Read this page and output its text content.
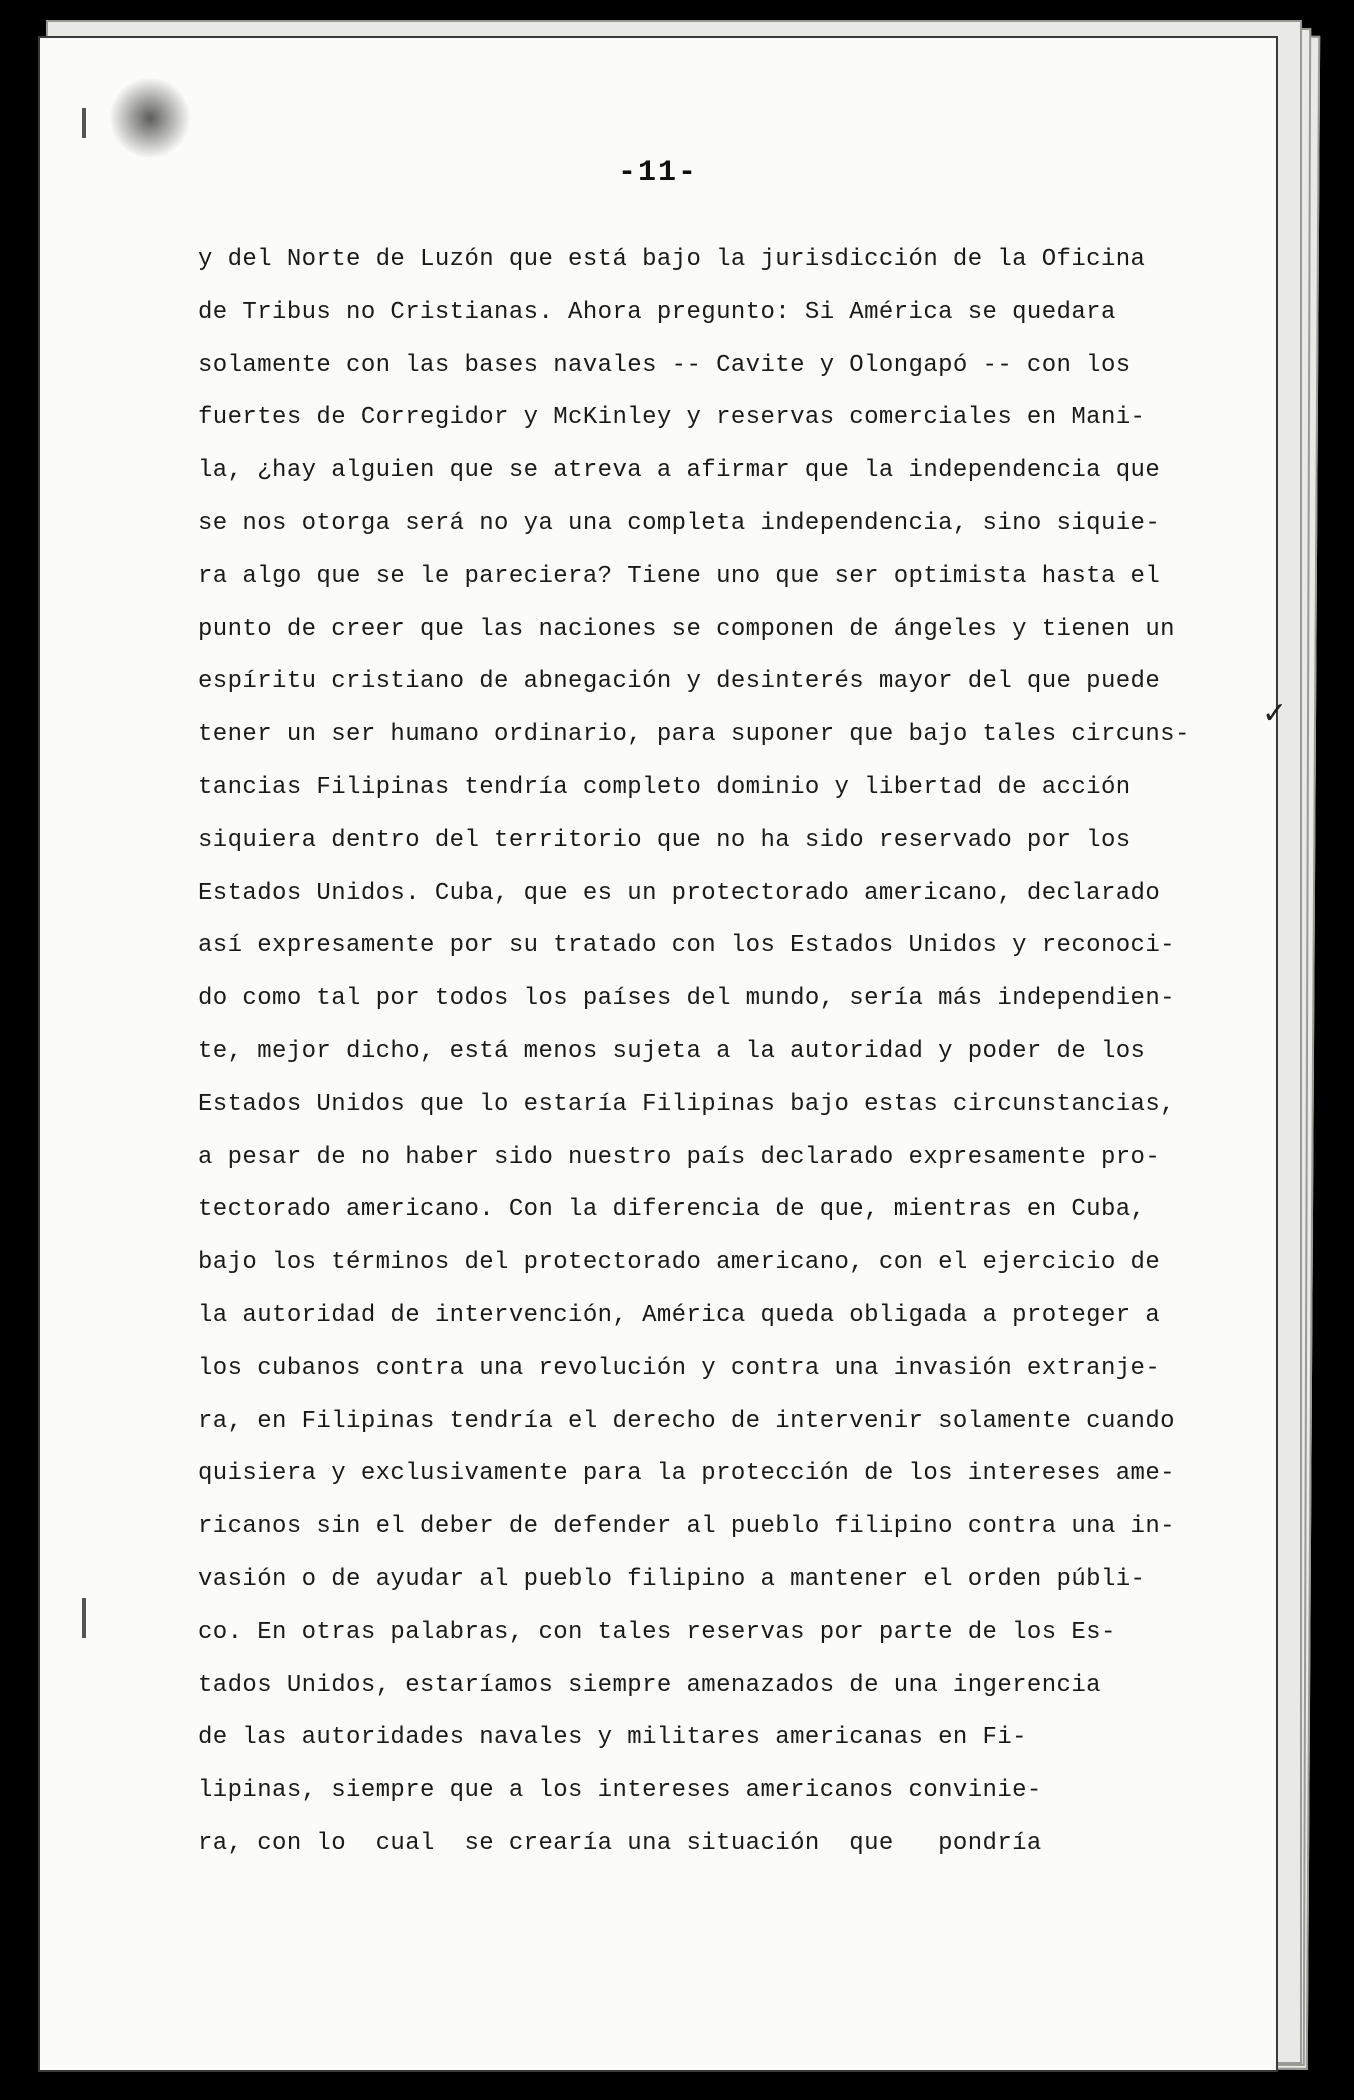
-11-
y del Norte de Luzón que está bajo la jurisdicción de la Oficina
de Tribus no Cristianas. Ahora pregunto: Si América se quedara
solamente con las bases navales -- Cavite y Olongapó -- con los
fuertes de Corregidor y McKinley y reservas comerciales en Mani-
la, ¿hay alguien que se atreva a afirmar que la independencia que
se nos otorga será no ya una completa independencia, sino siquie-
ra algo que se le pareciera? Tiene uno que ser optimista hasta el
punto de creer que las naciones se componen de ángeles y tienen un
espíritu cristiano de abnegación y desinterés mayor del que puede
tener un ser humano ordinario, para suponer que bajo tales circuns-
tancias Filipinas tendría completo dominio y libertad de acción
siquiera dentro del territorio que no ha sido reservado por los
Estados Unidos. Cuba, que es un protectorado americano, declarado
así expresamente por su tratado con los Estados Unidos y reconoci-
do como tal por todos los países del mundo, sería más independien-
te, mejor dicho, está menos sujeta a la autoridad y poder de los
Estados Unidos que lo estaría Filipinas bajo estas circunstancias,
a pesar de no haber sido nuestro país declarado expresamente pro-
tectorado americano. Con la diferencia de que, mientras en Cuba,
bajo los términos del protectorado americano, con el ejercicio de
la autoridad de intervención, América queda obligada a proteger a
los cubanos contra una revolución y contra una invasión extranje-
ra, en Filipinas tendría el derecho de intervenir solamente cuando
quisiera y exclusivamente para la protección de los intereses ame-
ricanos sin el deber de defender al pueblo filipino contra una in-
vasión o de ayudar al pueblo filipino a mantener el orden públi-
co. En otras palabras, con tales reservas por parte de los Es-
tados Unidos, estaríamos siempre amenazados de una ingerencia
de las autoridades navales y militares americanas en Fi-
lipinas, siempre que a los intereses americanos convinie-
ra, con lo  cual  se crearía una situación  que   pondría
✓
